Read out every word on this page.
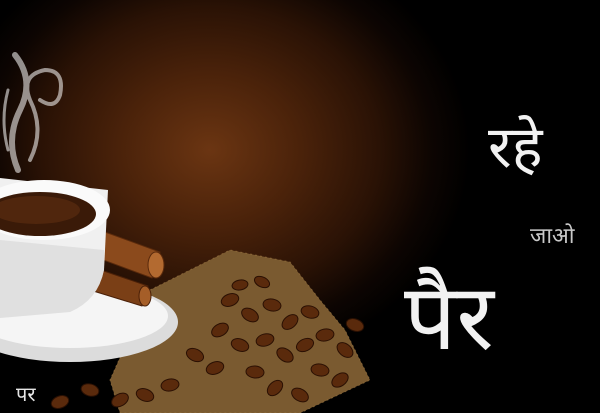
रहे
जाओ
पैर
पर
